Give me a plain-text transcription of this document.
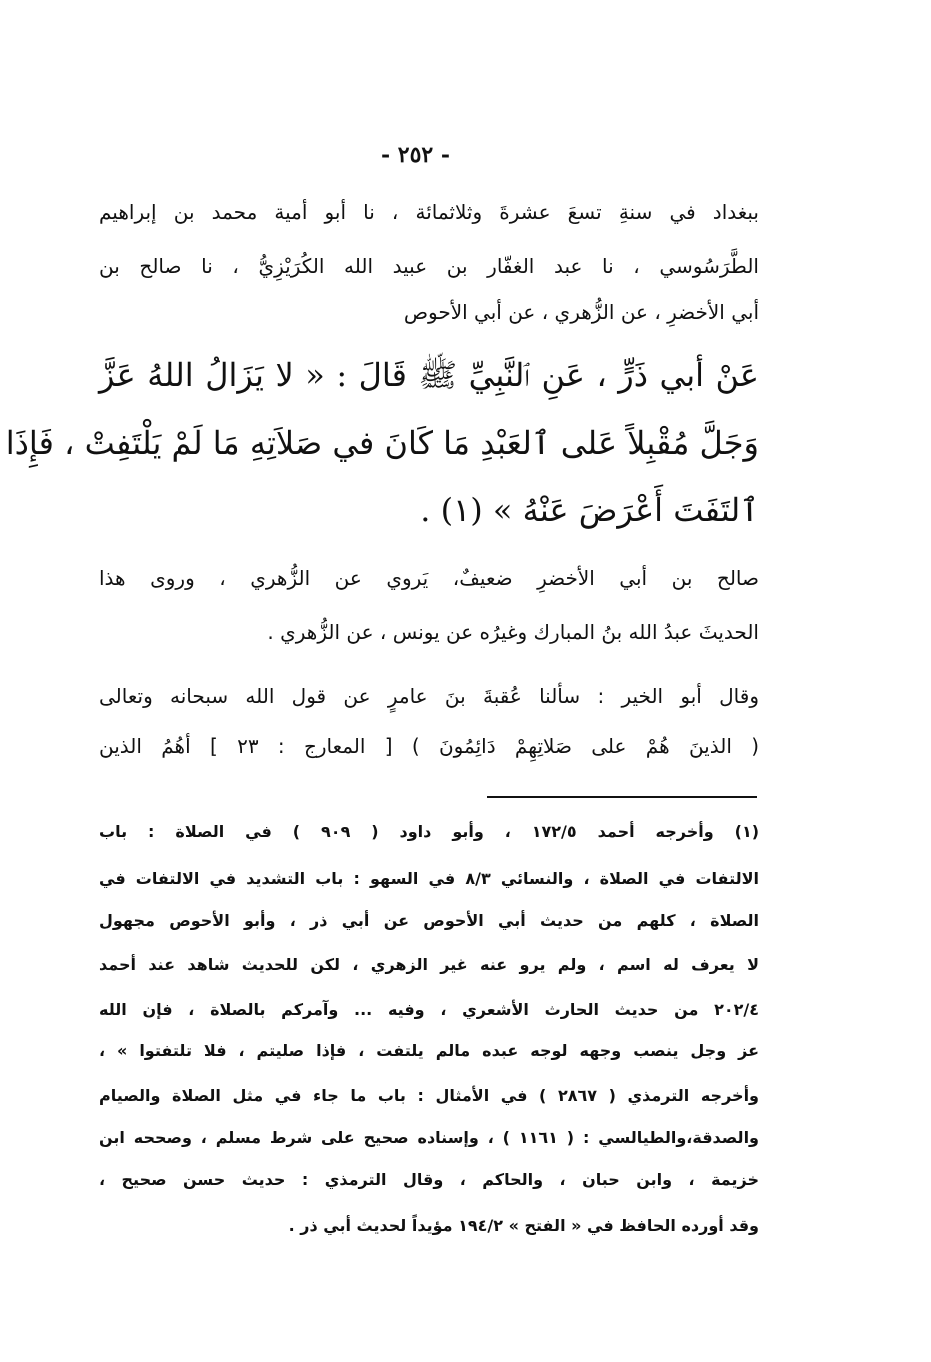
- ٢٥٢ -
ببغداد في سنةِ تسعَ عشرةَ وثلاثمائة ، نا أبو أمية محمد بن إبراهيم
الطَّرَسُوسي ، نا عبد الغفّار بن عبيد الله الكُرَيْزِيُّ ، نا صالح بن
أبي الأخضرِ ، عن الزُّهري ، عن أبي الأحوص
عَنْ أبي ذَرٍّ ، عَنِ ٱلنَّبِيِّ ﷺ قَالَ : « لا يَزَالُ اللهُ عَزَّ
وَجَلَّ مُقْبِلاً عَلى ٱلعَبْدِ مَا كَانَ في صَلاَتِهِ مَا لَمْ يَلْتَفِتْ ، فَإِذَا
ٱلتَفَتَ أَعْرَضَ عَنْهُ » (١) .
صالح بن أبي الأخضرِ ضعيفٌ، يَروي عن الزُّهري ، وروى هذا
الحديثَ عبدُ الله بنُ المبارك وغيرُه عن يونس ، عن الزُّهري .
وقال أبو الخير : سألنا عُقبةَ بنَ عامرٍ عن قول الله سبحانه وتعالى
( الذينَ هُمْ على صَلاتِهِمْ دَائِمُونَ ) [ المعارج : ٢٣ ] أهُمُ الذين
(١) وأخرجه أحمد ١٧٢/٥ ، وأبو داود ( ٩٠٩ ) في الصلاة : باب
الالتفات في الصلاة ، والنسائي ٨/٣ في السهو : باب التشديد في الالتفات في
الصلاة ، كلهم من حديث أبي الأحوص عن أبي ذر ، وأبو الأحوص مجهول
لا يعرف له اسم ، ولم يرو عنه غير الزهري ، لكن للحديث شاهد عند أحمد
٢٠٢/٤ من حديث الحارث الأشعري ، وفيه ... وآمركم بالصلاة ، فإن الله
عز وجل ينصب وجهه لوجه عبده مالم يلتفت ، فإذا صليتم ، فلا تلتفتوا » ،
وأخرجه الترمذي ( ٢٨٦٧ ) في الأمثال : باب ما جاء في مثل الصلاة والصيام
والصدقة،والطيالسي : ( ١١٦١ ) ، وإسناده صحيح على شرط مسلم ، وصححه ابن
خزيمة ، وابن حبان ، والحاكم ، وقال الترمذي : حديث حسن صحيح ،
وقد أورده الحافظ في « الفتح » ١٩٤/٢ مؤيداً لحديث أبي ذر .
